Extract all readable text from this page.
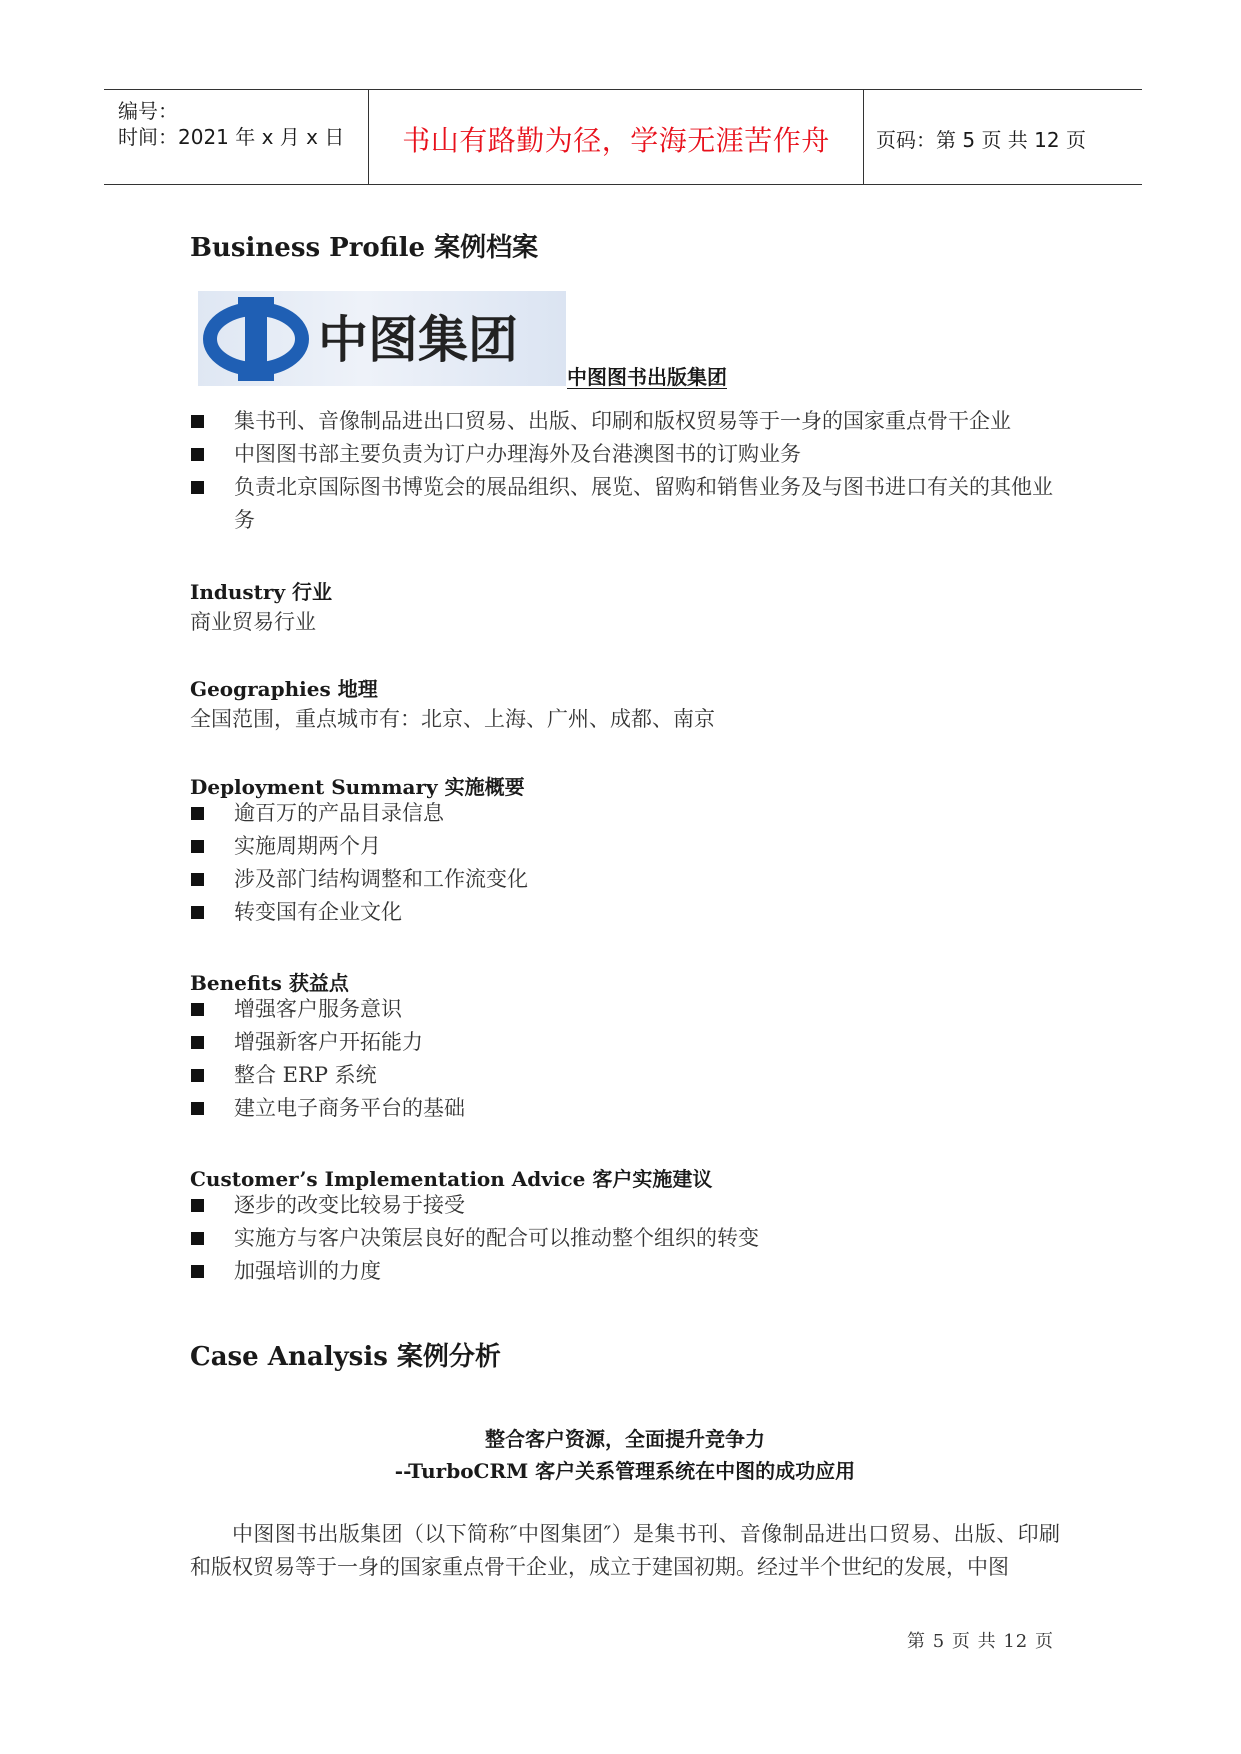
编号：
时间：2021 年 x 月 x 日	书山有路勤为径，学海无涯苦作舟	页码：第 5 页 共 12 页
Business Profile 案例档案
中图集团
中图图书出版集团
集书刊、音像制品进出口贸易、出版、印刷和版权贸易等于一身的国家重点骨干企业
中图图书部主要负责为订户办理海外及台港澳图书的订购业务
负责北京国际图书博览会的展品组织、展览、留购和销售业务及与图书进口有关的其他业务
Industry 行业
商业贸易行业
Geographies 地理
全国范围，重点城市有：北京、上海、广州、成都、南京
Deployment Summary 实施概要
逾百万的产品目录信息
实施周期两个月
涉及部门结构调整和工作流变化
转变国有企业文化
Benefits 获益点
增强客户服务意识
增强新客户开拓能力
整合 ERP 系统
建立电子商务平台的基础
Customer’s Implementation Advice 客户实施建议
逐步的改变比较易于接受
实施方与客户决策层良好的配合可以推动整个组织的转变
加强培训的力度
Case Analysis 案例分析
整合客户资源，全面提升竞争力
--TurboCRM 客户关系管理系统在中图的成功应用
中图图书出版集团（以下简称″中图集团″）是集书刊、音像制品进出口贸易、出版、印刷和版权贸易等于一身的国家重点骨干企业，成立于建国初期。经过半个世纪的发展，中图
第 5 页 共 12 页
